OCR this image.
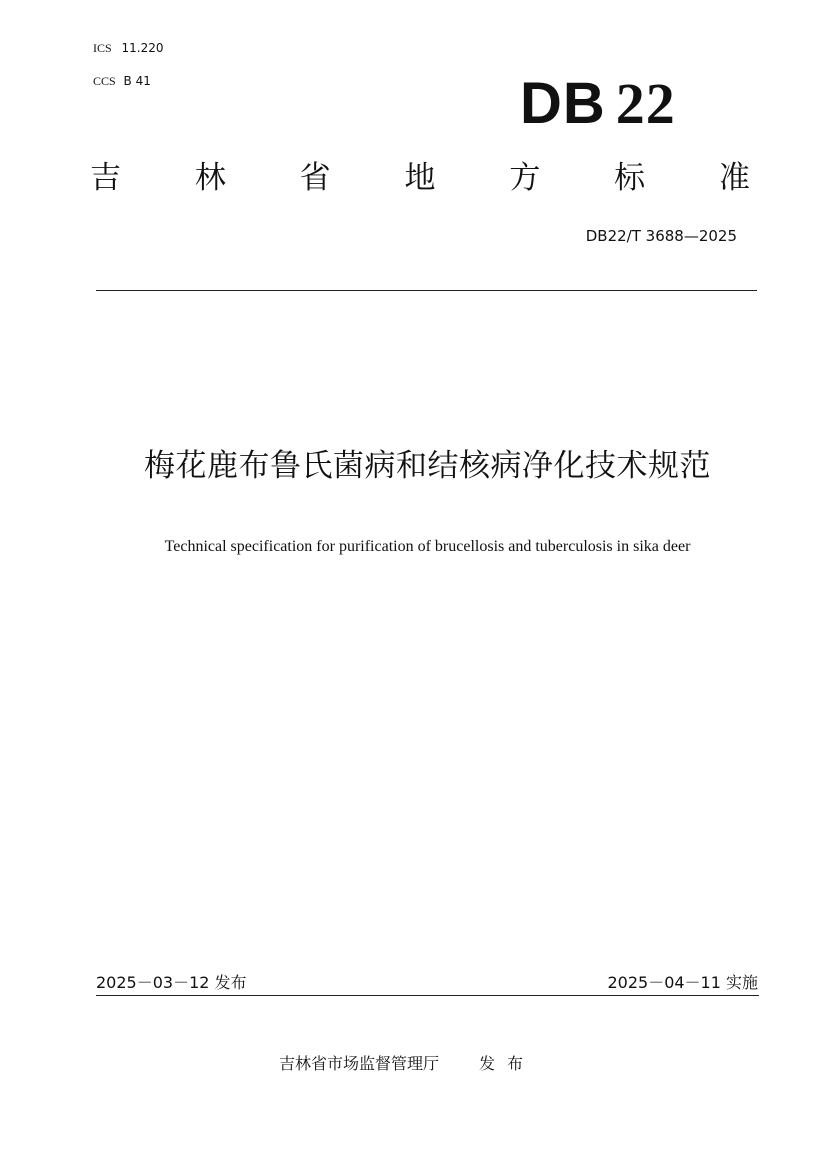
ICS 11.220
CCS B 41	DB 22
吉 林 省 地 方 标 准
DB22/T 3688—2025
梅花鹿布鲁氏菌病和结核病净化技术规范
Technical specification for purification of brucellosis and tuberculosis in sika deer
2025－03－12 发布	2025－04－11 实施
吉林省市场监督管理厅	发布
